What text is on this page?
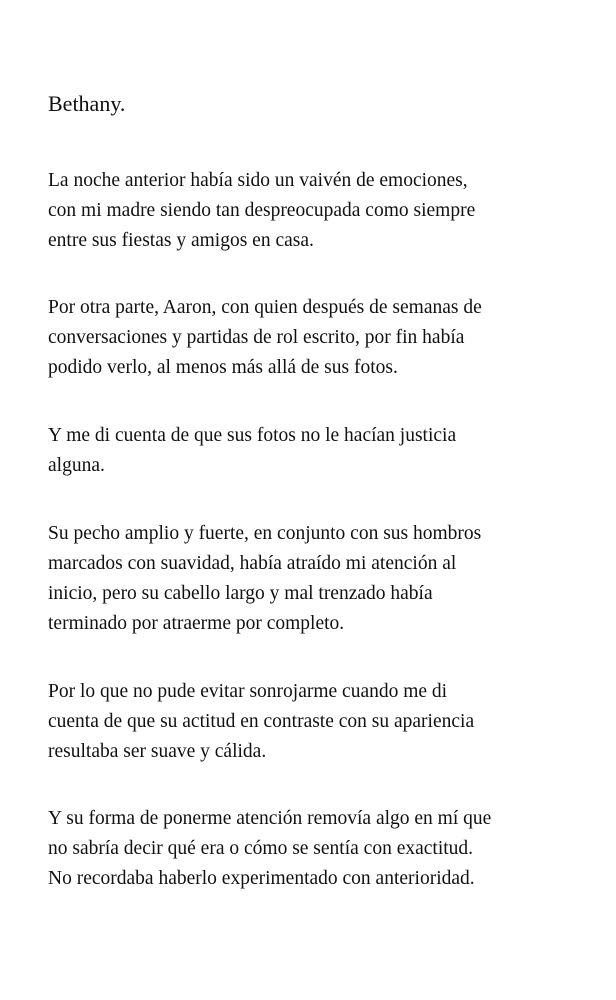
Bethany.

La noche anterior había sido un vaivén de emociones,
con mi madre siendo tan despreocupada como siempre
entre sus fiestas y amigos en casa.

Por otra parte, Aaron, con quien después de semanas de
conversaciones y partidas de rol escrito, por fin había
podido verlo, al menos más allá de sus fotos.

Y me di cuenta de que sus fotos no le hacían justicia
alguna.

Su pecho amplio y fuerte, en conjunto con sus hombros
marcados con suavidad, había atraído mi atención al
inicio, pero su cabello largo y mal trenzado había
terminado por atraerme por completo.

Por lo que no pude evitar sonrojarme cuando me di
cuenta de que su actitud en contraste con su apariencia
resultaba ser suave y cálida.

Y su forma de ponerme atención removía algo en mí que
no sabría decir qué era o cómo se sentía con exactitud.
No recordaba haberlo experimentado con anterioridad.
